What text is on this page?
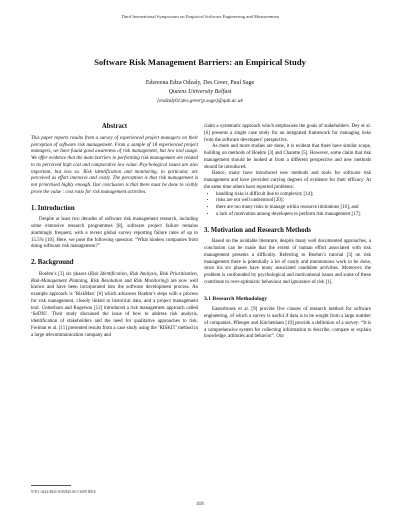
Third International Symposium on Empirical Software Engineering and Measurement
Software Risk Management Barriers: an Empirical Study
Edzreena Edza Odzaly, Des Greer, Paul Sage
Queens University Belfast
{eodzaly01|des.greer|p.sage}@qub.ac.uk
Abstract

This paper reports results from a survey of experienced project managers on their perception of software risk management. From a sample of 18 experienced project managers, we have found good awareness of risk management, but low tool usage. We offer evidence that the main barriers to performing risk management are related to its perceived high cost and comparative low value. Psychological issues are also important, but less so. Risk identification and monitoring, in particular, are perceived as effort intensive and costly. The perception is that risk management is not prioritised highly enough. Our conclusion is that there must be done to visibly prove the value : cost ratio for risk management activities.

1. Introduction

Despite at least two decades of software risk management research, including some extensive research programmes [8], software project failure remains alarmingly frequent, with a recent global survey reporting failure rates of up to 15.5% [10]. Here, we pose the following question: “What hinders companies from doing software risk management?”

2. Background

Boehm’s [3] six phases (Risk Identification, Risk Analysis, Risk Prioritization, Risk-Management Planning, Risk Resolution and Risk Monitoring) are now well known and have been incorporated into the software development process. An example approach is ‘RiskMan’ [6] which advances Boehm’s steps with a process for risk management, closely linked to historical data, and a project management tool. Gotterbarn and Rogerson [12] introduced a risk management approach called ‘SoDIS’. Their study discussed the issue of how to address risk analysis, identification of stakeholders and the need for qualitative approaches to risk. Freimut et al. [11] presented results from a case study using the ‘RISKIT’ method in a large telecommunication company and

claim a systematic approach which emphasises the goals of stakeholders. Dey et al. [6] presents a single case study for an integrated framework for managing risks from the software developers’ perspective.

As more and more studies are done, it is evident that there have similar scope, building on methods of Boehm [3] and Charette [5]. However, some claim that risk management should be looked at from a different perspective and new methods should be introduced.

Hence, many have introduced new methods and tools for software risk management and have provided varying degrees of evidence for their efficacy. At the same time others have reported problems:

• handling risks is difficult due to complexity [14];
• risks are not well understood [20];
• there are too many risks to manage within resource limitations [16]; and
• a lack of motivation among developers to perform risk management [17].
3. Motivation and Research Methods

Based on the available literature, despite many well documented approaches, a conclusion can be made that the extent of human effort associated with risk management presents a difficulty. Referring to Boehm’s tutorial [3] on risk management there is potentially a lot of costly and monotonous work to be done, since his six phases have many associated candidate activities. Moreover, the problem is confounded by psychological and motivational issues and some of these contribute to over-optimistic behaviour and ignorance of risk [1].

3.1 Research Methodology

Easterbrook et al. [9] provide five classes of research method for software engineering, of which a survey is useful if data is to be sought from a large number of companies. Pfleeger and Kitchenham [19] provide a definition of a survey: “It is a comprehensive system for collecting information to describe, compare or explain knowledge, attitudes and behavior”. Our

978-1-4244-4841-8/09/$25.00 ©2009 IEEE
418
